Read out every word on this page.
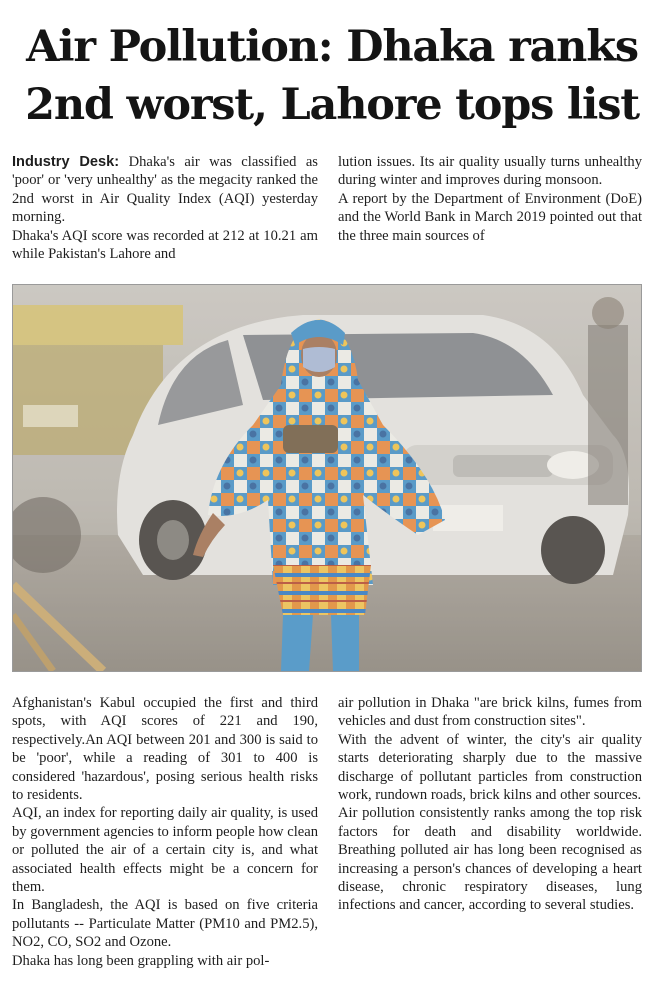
Air Pollution: Dhaka ranks
2nd worst, Lahore tops list

Industry Desk: Dhaka's air was classified as 'poor' or 'very unhealthy' as the megacity ranked the 2nd worst in Air Quality Index (AQI) yesterday morning.

Dhaka's AQI score was recorded at 212 at 10.21 am while Pakistan's Lahore and

lution issues. Its air quality usually turns unhealthy during winter and improves during monsoon.

A report by the Department of Environment (DoE) and the World Bank in March 2019 pointed out that the three main sources of

Afghanistan's Kabul occupied the first and third spots, with AQI scores of 221 and 190, respectively.An AQI between 201 and 300 is said to be 'poor', while a reading of 301 to 400 is considered 'hazardous', posing serious health risks to residents.

AQI, an index for reporting daily air quality, is used by government agencies to inform people how clean or polluted the air of a certain city is, and what associated health effects might be a concern for them.

In Bangladesh, the AQI is based on five criteria pollutants -- Particulate Matter (PM10 and PM2.5), NO2, CO, SO2 and Ozone.

Dhaka has long been grappling with air pol-

air pollution in Dhaka "are brick kilns, fumes from vehicles and dust from construction sites".

With the advent of winter, the city's air quality starts deteriorating sharply due to the massive discharge of pollutant particles from construction work, rundown roads, brick kilns and other sources.

Air pollution consistently ranks among the top risk factors for death and disability worldwide. Breathing polluted air has long been recognised as increasing a person's chances of developing a heart disease, chronic respiratory diseases, lung infections and cancer, according to several studies.
